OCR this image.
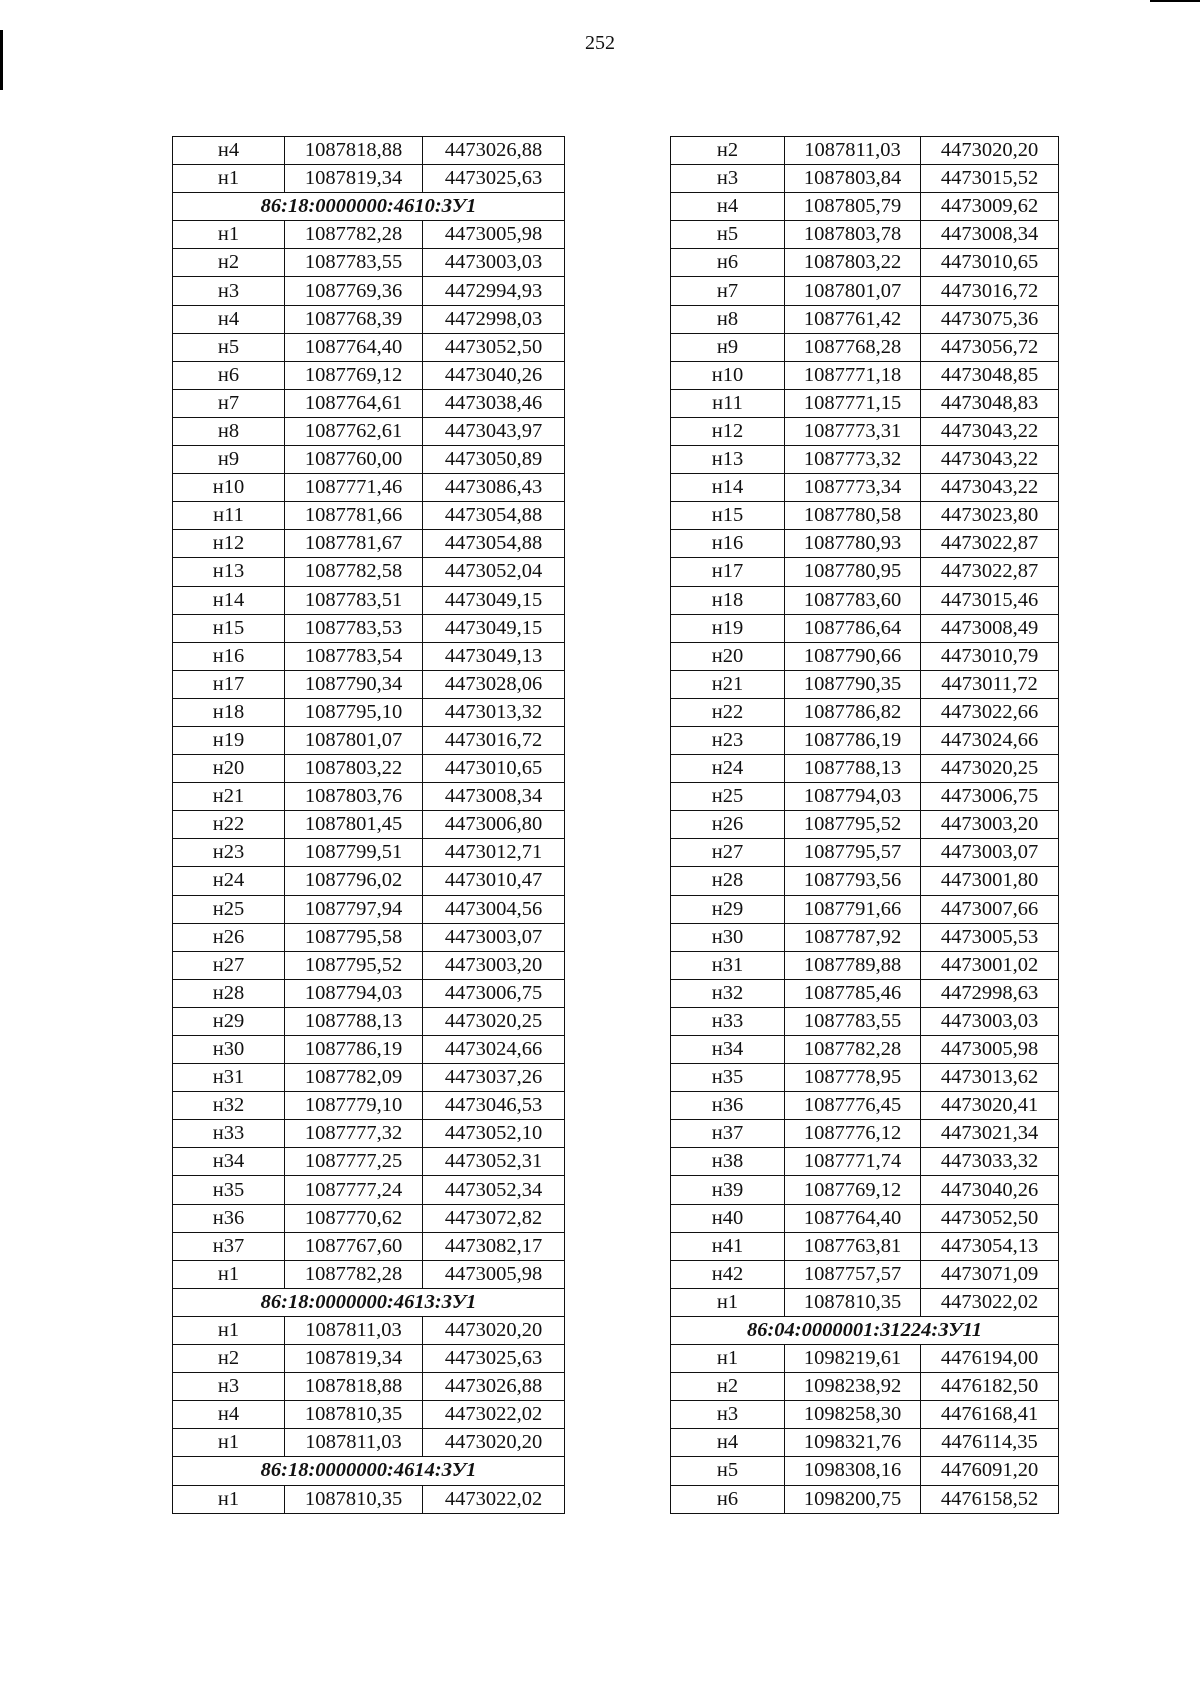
252
н4	1087818,88	4473026,88
н1	1087819,34	4473025,63
86:18:0000000:4610:ЗУ1		
н1	1087782,28	4473005,98
н2	1087783,55	4473003,03
н3	1087769,36	4472994,93
н4	1087768,39	4472998,03
н5	1087764,40	4473052,50
н6	1087769,12	4473040,26
н7	1087764,61	4473038,46
н8	1087762,61	4473043,97
н9	1087760,00	4473050,89
н10	1087771,46	4473086,43
н11	1087781,66	4473054,88
н12	1087781,67	4473054,88
н13	1087782,58	4473052,04
н14	1087783,51	4473049,15
н15	1087783,53	4473049,15
н16	1087783,54	4473049,13
н17	1087790,34	4473028,06
н18	1087795,10	4473013,32
н19	1087801,07	4473016,72
н20	1087803,22	4473010,65
н21	1087803,76	4473008,34
н22	1087801,45	4473006,80
н23	1087799,51	4473012,71
н24	1087796,02	4473010,47
н25	1087797,94	4473004,56
н26	1087795,58	4473003,07
н27	1087795,52	4473003,20
н28	1087794,03	4473006,75
н29	1087788,13	4473020,25
н30	1087786,19	4473024,66
н31	1087782,09	4473037,26
н32	1087779,10	4473046,53
н33	1087777,32	4473052,10
н34	1087777,25	4473052,31
н35	1087777,24	4473052,34
н36	1087770,62	4473072,82
н37	1087767,60	4473082,17
н1	1087782,28	4473005,98
86:18:0000000:4613:ЗУ1		
н1	1087811,03	4473020,20
н2	1087819,34	4473025,63
н3	1087818,88	4473026,88
н4	1087810,35	4473022,02
н1	1087811,03	4473020,20
86:18:0000000:4614:ЗУ1		
н1	1087810,35	4473022,02
н2	1087811,03	4473020,20
н3	1087803,84	4473015,52
н4	1087805,79	4473009,62
н5	1087803,78	4473008,34
н6	1087803,22	4473010,65
н7	1087801,07	4473016,72
н8	1087761,42	4473075,36
н9	1087768,28	4473056,72
н10	1087771,18	4473048,85
н11	1087771,15	4473048,83
н12	1087773,31	4473043,22
н13	1087773,32	4473043,22
н14	1087773,34	4473043,22
н15	1087780,58	4473023,80
н16	1087780,93	4473022,87
н17	1087780,95	4473022,87
н18	1087783,60	4473015,46
н19	1087786,64	4473008,49
н20	1087790,66	4473010,79
н21	1087790,35	4473011,72
н22	1087786,82	4473022,66
н23	1087786,19	4473024,66
н24	1087788,13	4473020,25
н25	1087794,03	4473006,75
н26	1087795,52	4473003,20
н27	1087795,57	4473003,07
н28	1087793,56	4473001,80
н29	1087791,66	4473007,66
н30	1087787,92	4473005,53
н31	1087789,88	4473001,02
н32	1087785,46	4472998,63
н33	1087783,55	4473003,03
н34	1087782,28	4473005,98
н35	1087778,95	4473013,62
н36	1087776,45	4473020,41
н37	1087776,12	4473021,34
н38	1087771,74	4473033,32
н39	1087769,12	4473040,26
н40	1087764,40	4473052,50
н41	1087763,81	4473054,13
н42	1087757,57	4473071,09
н1	1087810,35	4473022,02
86:04:0000001:31224:ЗУ11		
н1	1098219,61	4476194,00
н2	1098238,92	4476182,50
н3	1098258,30	4476168,41
н4	1098321,76	4476114,35
н5	1098308,16	4476091,20
н6	1098200,75	4476158,52
